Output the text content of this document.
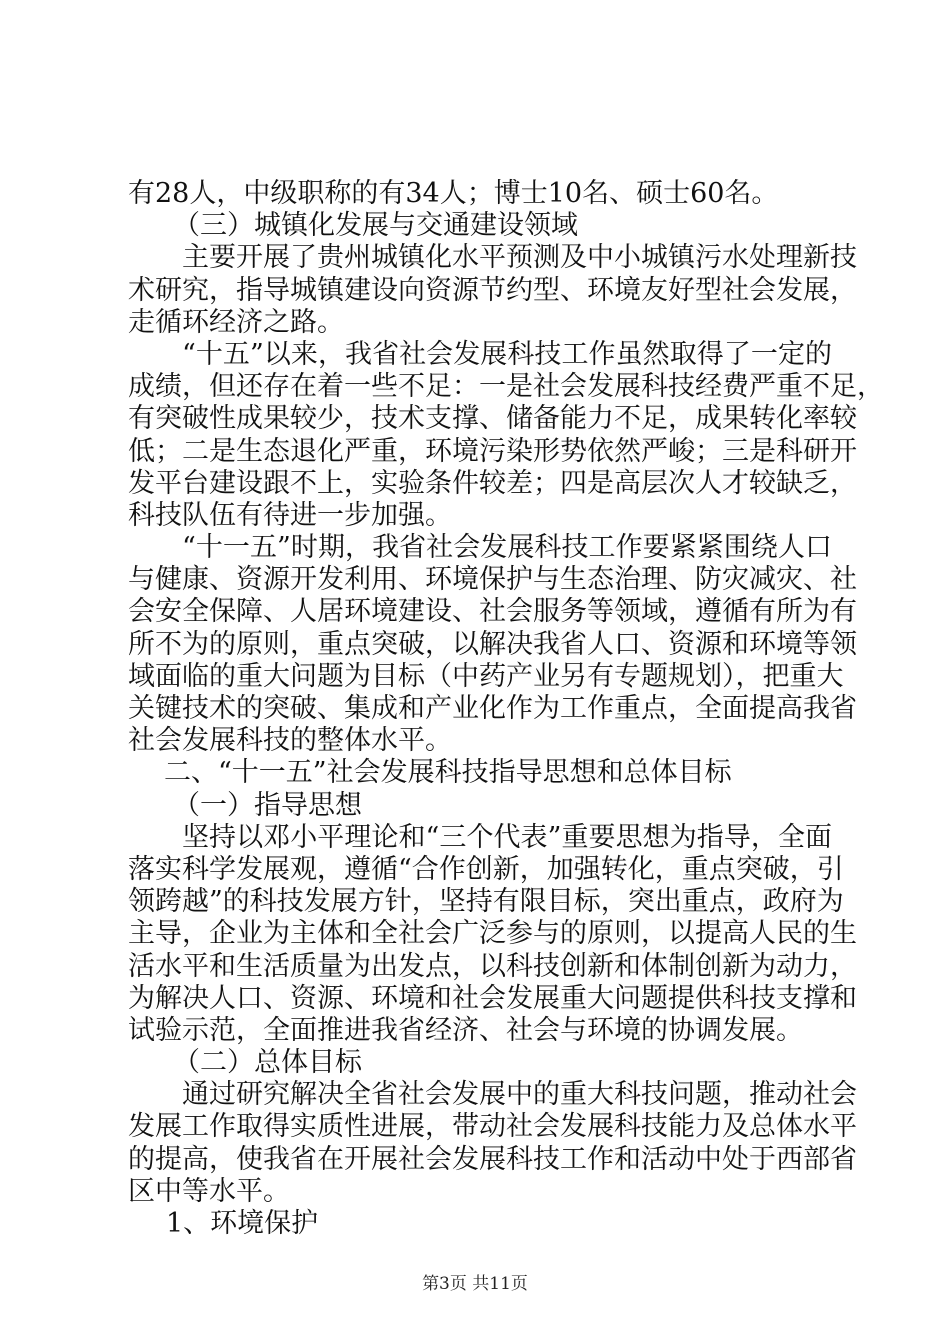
有28人，中级职称的有34人；博士10名、硕士60名。
（三）城镇化发展与交通建设领域
主要开展了贵州城镇化水平预测及中小城镇污水处理新技
术研究，指导城镇建设向资源节约型、环境友好型社会发展，
走循环经济之路。
“十五”以来，我省社会发展科技工作虽然取得了一定的
成绩，但还存在着一些不足：一是社会发展科技经费严重不足，
有突破性成果较少，技术支撑、储备能力不足，成果转化率较
低；二是生态退化严重，环境污染形势依然严峻；三是科研开
发平台建设跟不上，实验条件较差；四是高层次人才较缺乏，
科技队伍有待进一步加强。
“十一五”时期，我省社会发展科技工作要紧紧围绕人口
与健康、资源开发利用、环境保护与生态治理、防灾减灾、社
会安全保障、人居环境建设、社会服务等领域，遵循有所为有
所不为的原则，重点突破，以解决我省人口、资源和环境等领
域面临的重大问题为目标（中药产业另有专题规划），把重大
关键技术的突破、集成和产业化作为工作重点，全面提高我省
社会发展科技的整体水平。
二、“十一五”社会发展科技指导思想和总体目标
（一）指导思想
坚持以邓小平理论和“三个代表”重要思想为指导，全面
落实科学发展观，遵循“合作创新，加强转化，重点突破，引
领跨越”的科技发展方针，坚持有限目标，突出重点，政府为
主导，企业为主体和全社会广泛参与的原则，以提高人民的生
活水平和生活质量为出发点，以科技创新和体制创新为动力，
为解决人口、资源、环境和社会发展重大问题提供科技支撑和
试验示范，全面推进我省经济、社会与环境的协调发展。
（二）总体目标
通过研究解决全省社会发展中的重大科技问题，推动社会
发展工作取得实质性进展，带动社会发展科技能力及总体水平
的提高，使我省在开展社会发展科技工作和活动中处于西部省
区中等水平。
1、环境保护
第3页 共11页
